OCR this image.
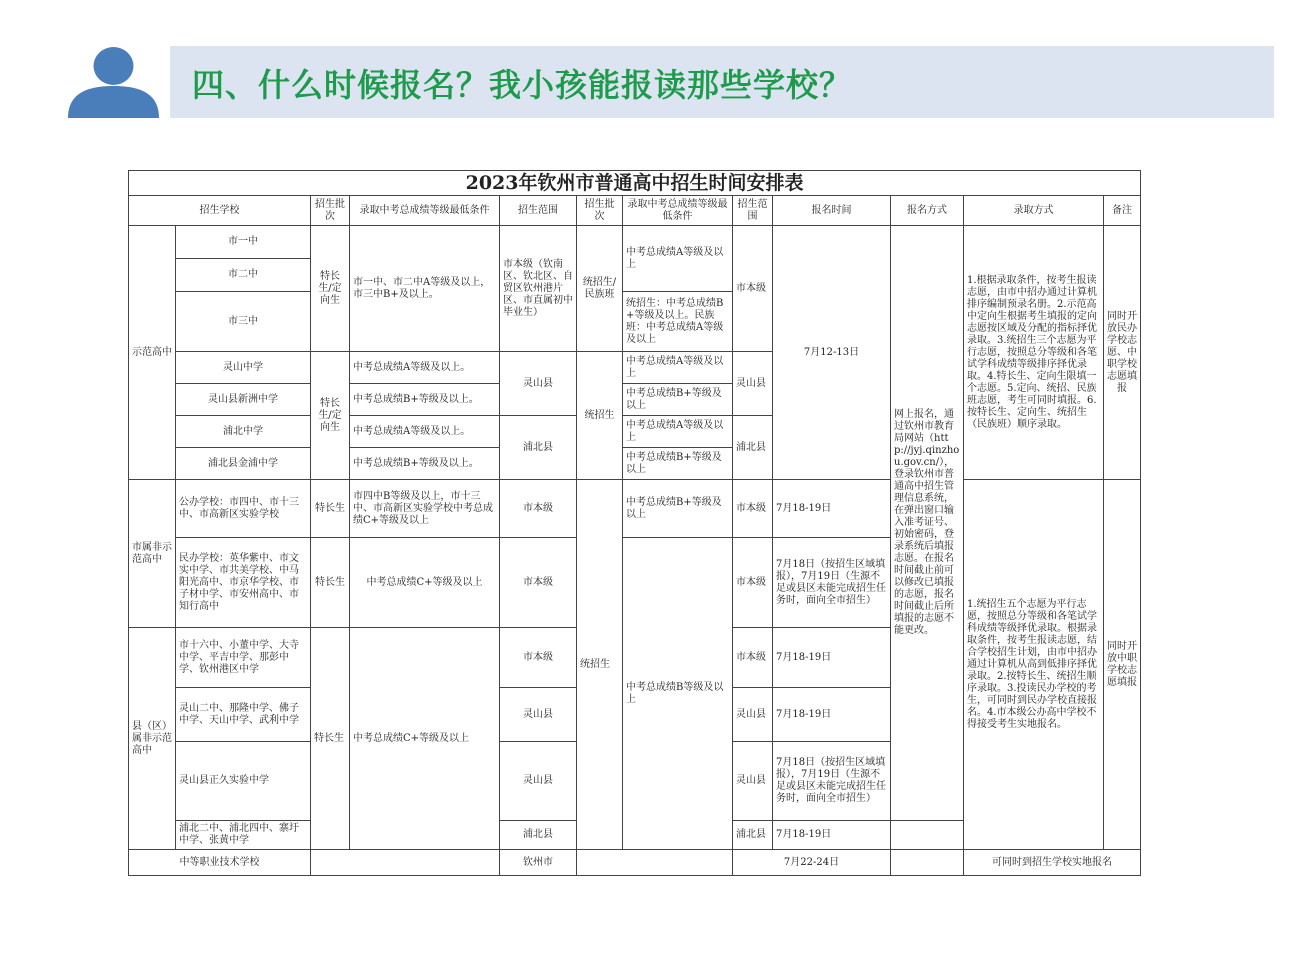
四、什么时候报名？我小孩能报读那些学校？
2023年钦州市普通高中招生时间安排表											
招生学校		招生批次	录取中考总成绩等级最低条件	招生范围	招生批次	录取中考总成绩等级最低条件	招生范围	报名时间	报名方式	录取方式	备注
示范高中	市一中	特长生/定向生	市一中、市二中A等级及以上，市三中B+及以上。	市本级（钦南区、钦北区、自贸区钦州港片区、市直属初中毕业生）	统招生/民族班	中考总成绩A等级及以上	市本级	7月12-13日	网上报名，通过钦州市教育局网站（http://jyj.qinzhou.gov.cn/），登录钦州市普通高中招生管理信息系统，在弹出窗口输入准考证号、初始密码，登录系统后填报志愿。在报名时间截止前可以修改已填报的志愿，报名时间截止后所填报的志愿不能更改。	1.根据录取条件，按考生报读志愿，由市中招办通过计算机排序编制预录名册。2.示范高中定向生根据考生填报的定向志愿按区域及分配的指标择优录取。3.统招生三个志愿为平行志愿，按照总分等级和各笔试学科成绩等级排序择优录取。4.特长生、定向生限填一个志愿。5.定向、统招、民族班志愿，考生可同时填报。6.按特长生、定向生、统招生（民族班）顺序录取。	同时开放民办学校志愿、中职学校志愿填报
	市二中										
	市三中					统招生：中考总成绩B+等级及以上。民族班：中考总成绩A等级及以上					
	灵山中学	特长生/定向生	中考总成绩A等级及以上。	灵山县	统招生	中考总成绩A等级及以上	灵山县				
	灵山县新洲中学		中考总成绩B+等级及以上。			中考总成绩B+等级及以上					
	浦北中学		中考总成绩A等级及以上。	浦北县		中考总成绩A等级及以上	浦北县				
	浦北县金浦中学		中考总成绩B+等级及以上。			中考总成绩B+等级及以上					
市属非示范高中	公办学校：市四中、市十三中、市高新区实验学校	特长生	市四中B等级及以上，市十三中、市高新区实验学校中考总成绩C+等级及以上	市本级	统招生	中考总成绩B+等级及以上	市本级	7月18-19日		1.统招生五个志愿为平行志愿，按照总分等级和各笔试学科成绩等级择优录取。根据录取条件，按考生报读志愿，结合学校招生计划，由市中招办通过计算机从高到低排序择优录取。2.按特长生、统招生顺序录取。3.投读民办学校的考生，可同时到民办学校直接报名。4.市本级公办高中学校不得接受考生实地报名。	同时开放中职学校志愿填报
	民办学校：英华紫中、市文实中学、市共美学校、中马阳光高中、市京华学校、市子材中学、市安州高中、市知行高中	特长生	中考总成绩C+等级及以上	市本级		中考总成绩B等级及以上	市本级	7月18日（按招生区域填报），7月19日（生源不足或县区未能完成招生任务时，面向全市招生）			
县（区）属非示范高中	市十六中、小董中学、大寺中学、平吉中学、那彭中学、钦州港区中学	特长生	中考总成绩C+等级及以上	市本级			市本级	7月18-19日			
	灵山二中、那隆中学、佛子中学、天山中学、武利中学			灵山县			灵山县	7月18-19日			
	灵山县正久实验中学			灵山县			灵山县	7月18日（按招生区域填报），7月19日（生源不足或县区未能完成招生任务时，面向全市招生）			
	浦北二中、浦北四中、寨圩中学、张黄中学			浦北县			浦北县	7月18-19日			
中等职业技术学校				钦州市			7月22-24日			可同时到招生学校实地报名	
